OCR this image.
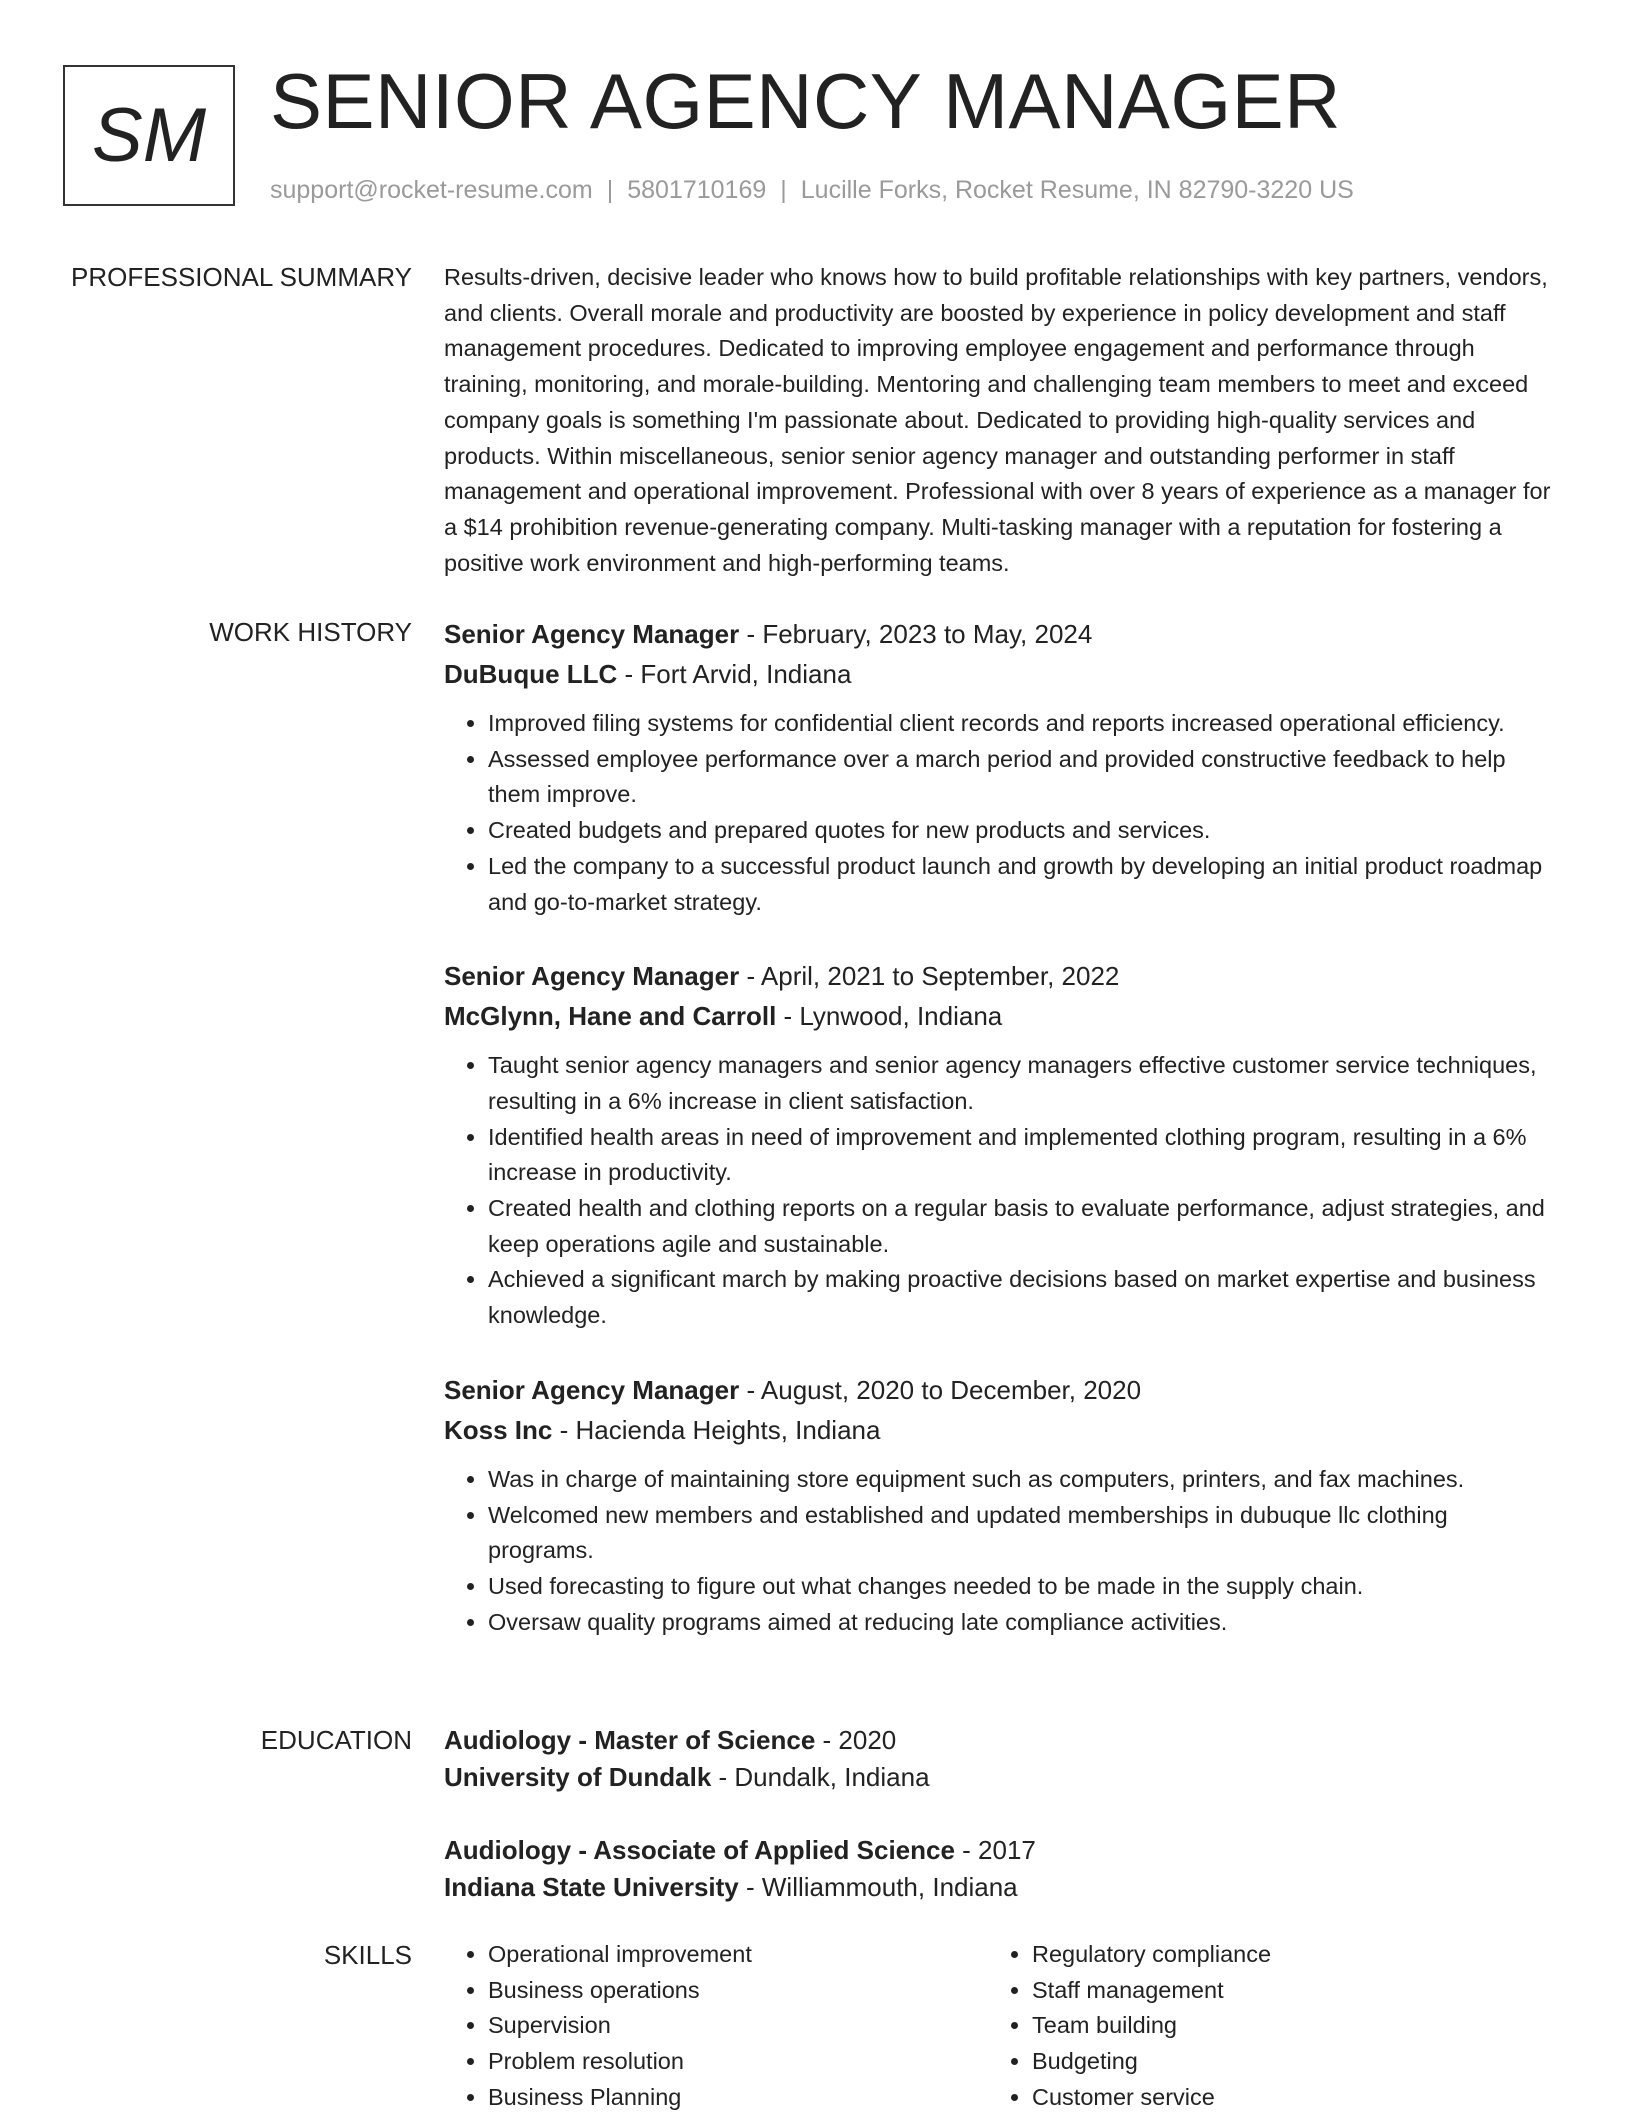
SM SENIOR AGENCY MANAGER
support@rocket-resume.com | 5801710169 | Lucille Forks, Rocket Resume, IN 82790-3220 US
PROFESSIONAL SUMMARY Results-driven, decisive leader who knows how to build profitable relationships with key partners, vendors, and clients. Overall morale and productivity are boosted by experience in policy development and staff management procedures. Dedicated to improving employee engagement and performance through training, monitoring, and morale-building. Mentoring and challenging team members to meet and exceed company goals is something I'm passionate about. Dedicated to providing high-quality services and products. Within miscellaneous, senior senior agency manager and outstanding performer in staff management and operational improvement. Professional with over 8 years of experience as a manager for a $14 prohibition revenue-generating company. Multi-tasking manager with a reputation for fostering a positive work environment and high-performing teams.

WORK HISTORY Senior Agency Manager - February, 2023 to May, 2024
DuBuque LLC - Fort Arvid, Indiana
• Improved filing systems for confidential client records and reports increased operational efficiency.
• Assessed employee performance over a march period and provided constructive feedback to help them improve.
• Created budgets and prepared quotes for new products and services.
• Led the company to a successful product launch and growth by developing an initial product roadmap and go-to-market strategy.
Senior Agency Manager - April, 2021 to September, 2022
McGlynn, Hane and Carroll - Lynwood, Indiana
• Taught senior agency managers and senior agency managers effective customer service techniques, resulting in a 6% increase in client satisfaction.
• Identified health areas in need of improvement and implemented clothing program, resulting in a 6% increase in productivity.
• Created health and clothing reports on a regular basis to evaluate performance, adjust strategies, and keep operations agile and sustainable.
• Achieved a significant march by making proactive decisions based on market expertise and business knowledge.
Senior Agency Manager - August, 2020 to December, 2020
Koss Inc - Hacienda Heights, Indiana
• Was in charge of maintaining store equipment such as computers, printers, and fax machines.
• Welcomed new members and established and updated memberships in dubuque llc clothing programs.
• Used forecasting to figure out what changes needed to be made in the supply chain.
• Oversaw quality programs aimed at reducing late compliance activities.
EDUCATION Audiology - Master of Science - 2020
University of Dundalk - Dundalk, Indiana
Audiology - Associate of Applied Science - 2017
Indiana State University - Williammouth, Indiana
SKILLS
•	Operational improvement
• Business operations
• Supervision
• Problem resolution
• Business Planning
• Regulatory compliance
• Staff management
• Team building
• Budgeting
• Customer service
